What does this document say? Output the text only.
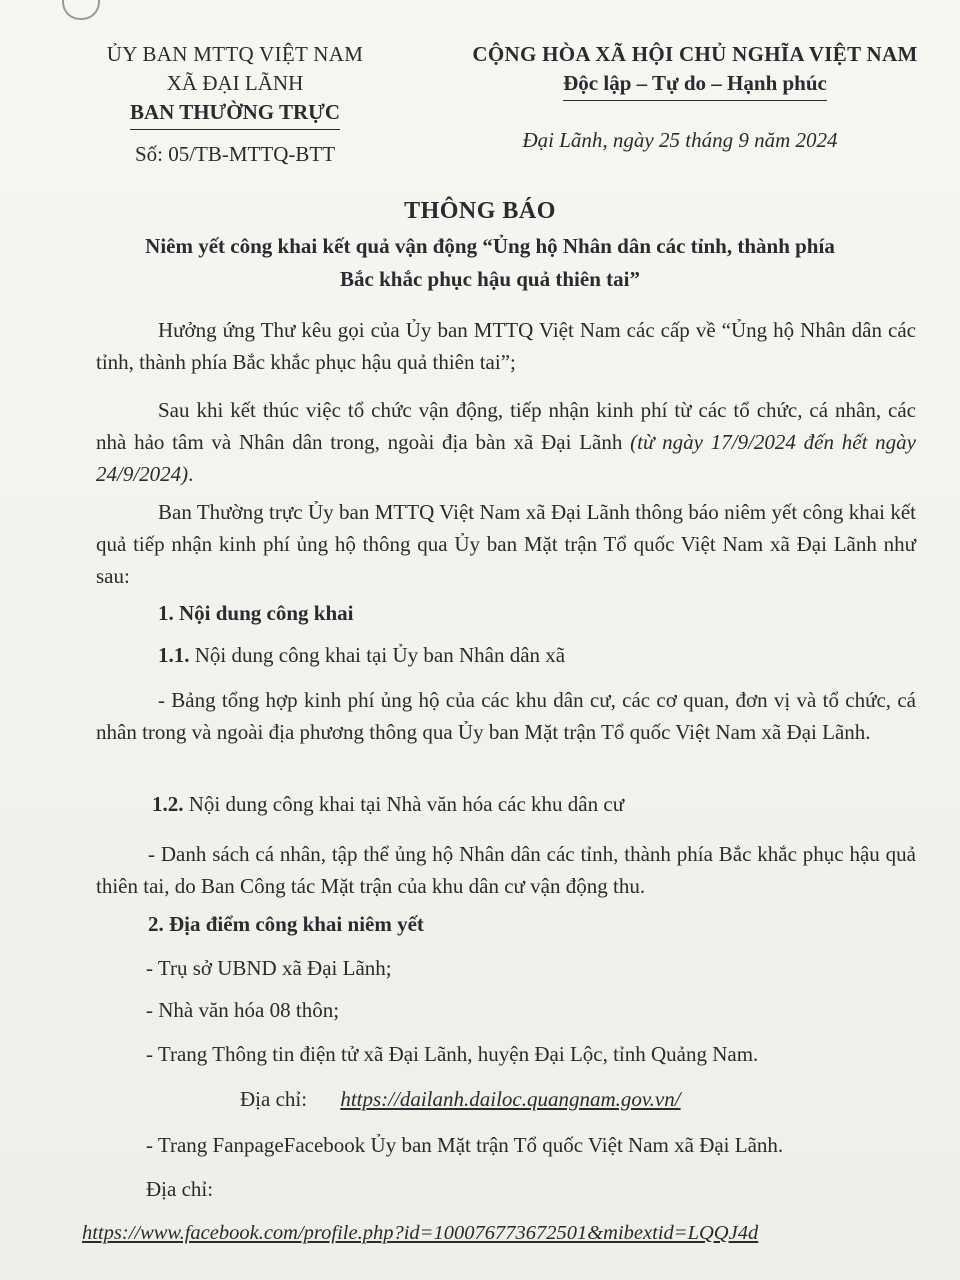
ỦY BAN MTTQ VIỆT NAM
XÃ ĐẠI LÃNH
BAN THƯỜNG TRỰC
Số: 05/TB-MTTQ-BTT
CỘNG HÒA XÃ HỘI CHỦ NGHĨA VIỆT NAM
Độc lập – Tự do – Hạnh phúc
Đại Lãnh, ngày 25 tháng 9 năm 2024
THÔNG BÁO
Niêm yết công khai kết quả vận động “Ủng hộ Nhân dân các tỉnh, thành phía
Bắc khắc phục hậu quả thiên tai”
Hưởng ứng Thư kêu gọi của Ủy ban MTTQ Việt Nam các cấp về “Ủng hộ Nhân dân các tỉnh, thành phía Bắc khắc phục hậu quả thiên tai”;
Sau khi kết thúc việc tổ chức vận động, tiếp nhận kinh phí từ các tổ chức, cá nhân, các nhà hảo tâm và Nhân dân trong, ngoài địa bàn xã Đại Lãnh (từ ngày 17/9/2024 đến hết ngày 24/9/2024).
Ban Thường trực Ủy ban MTTQ Việt Nam xã Đại Lãnh thông báo niêm yết công khai kết quả tiếp nhận kinh phí ủng hộ thông qua Ủy ban Mặt trận Tổ quốc Việt Nam xã Đại Lãnh như sau:
1. Nội dung công khai
1.1. Nội dung công khai tại Ủy ban Nhân dân xã
- Bảng tổng hợp kinh phí ủng hộ của các khu dân cư, các cơ quan, đơn vị và tổ chức, cá nhân trong và ngoài địa phương thông qua Ủy ban Mặt trận Tổ quốc Việt Nam xã Đại Lãnh.
1.2. Nội dung công khai tại Nhà văn hóa các khu dân cư
- Danh sách cá nhân, tập thể ủng hộ Nhân dân các tỉnh, thành phía Bắc khắc phục hậu quả thiên tai, do Ban Công tác Mặt trận của khu dân cư vận động thu.
2. Địa điểm công khai niêm yết
- Trụ sở UBND xã Đại Lãnh;
- Nhà văn hóa 08 thôn;
- Trang Thông tin điện tử xã Đại Lãnh, huyện Đại Lộc, tỉnh Quảng Nam.
Địa chỉ: https://dailanh.dailoc.quangnam.gov.vn/
- Trang FanpageFacebook Ủy ban Mặt trận Tổ quốc Việt Nam xã Đại Lãnh.
Địa chỉ:
https://www.facebook.com/profile.php?id=100076773672501&mibextid=LQQJ4d
